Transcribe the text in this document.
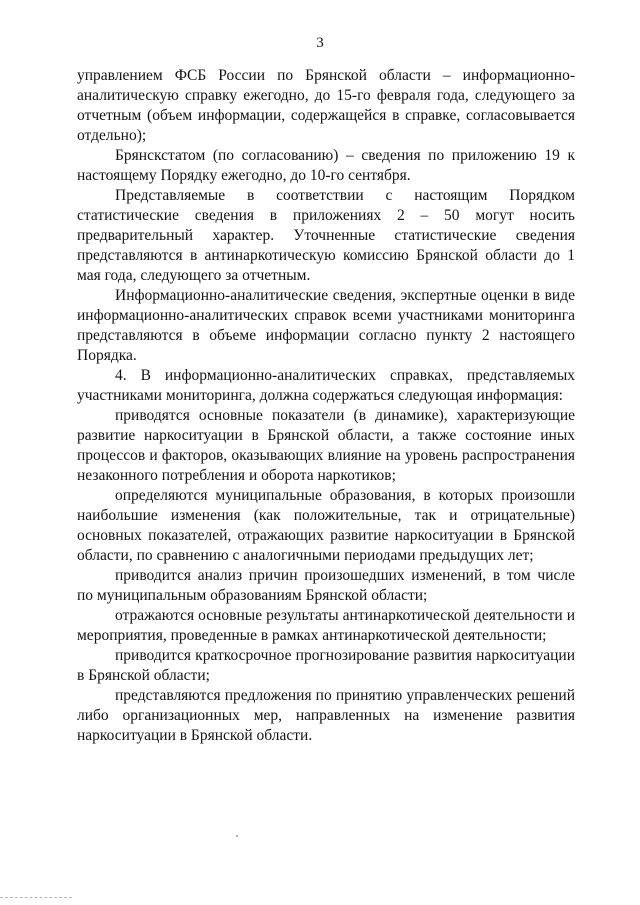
3

управлением ФСБ России по Брянской области – информационно-аналитическую справку ежегодно, до 15-го февраля года, следующего за отчетным (объем информации, содержащейся в справке, согласовывается отдельно);

Брянскстатом (по согласованию) – сведения по приложению 19 к настоящему Порядку ежегодно, до 10-го сентября.

Представляемые в соответствии с настоящим Порядком статистические сведения в приложениях 2 – 50 могут носить предварительный характер. Уточненные статистические сведения представляются в антинаркотическую комиссию Брянской области до 1 мая года, следующего за отчетным.

Информационно-аналитические сведения, экспертные оценки в виде информационно-аналитических справок всеми участниками мониторинга представляются в объеме информации согласно пункту 2 настоящего Порядка.

4. В информационно-аналитических справках, представляемых участниками мониторинга, должна содержаться следующая информация:

приводятся основные показатели (в динамике), характеризующие развитие наркоситуации в Брянской области, а также состояние иных процессов и факторов, оказывающих влияние на уровень распространения незаконного потребления и оборота наркотиков;

определяются муниципальные образования, в которых произошли наибольшие изменения (как положительные, так и отрицательные) основных показателей, отражающих развитие наркоситуации в Брянской области, по сравнению с аналогичными периодами предыдущих лет;

приводится анализ причин произошедших изменений, в том числе по муниципальным образованиям Брянской области;

отражаются основные результаты антинаркотической деятельности и мероприятия, проведенные в рамках антинаркотической деятельности;

приводится краткосрочное прогнозирование развития наркоситуации в Брянской области;

представляются предложения по принятию управленческих решений либо организационных мер, направленных на изменение развития наркоситуации в Брянской области.
